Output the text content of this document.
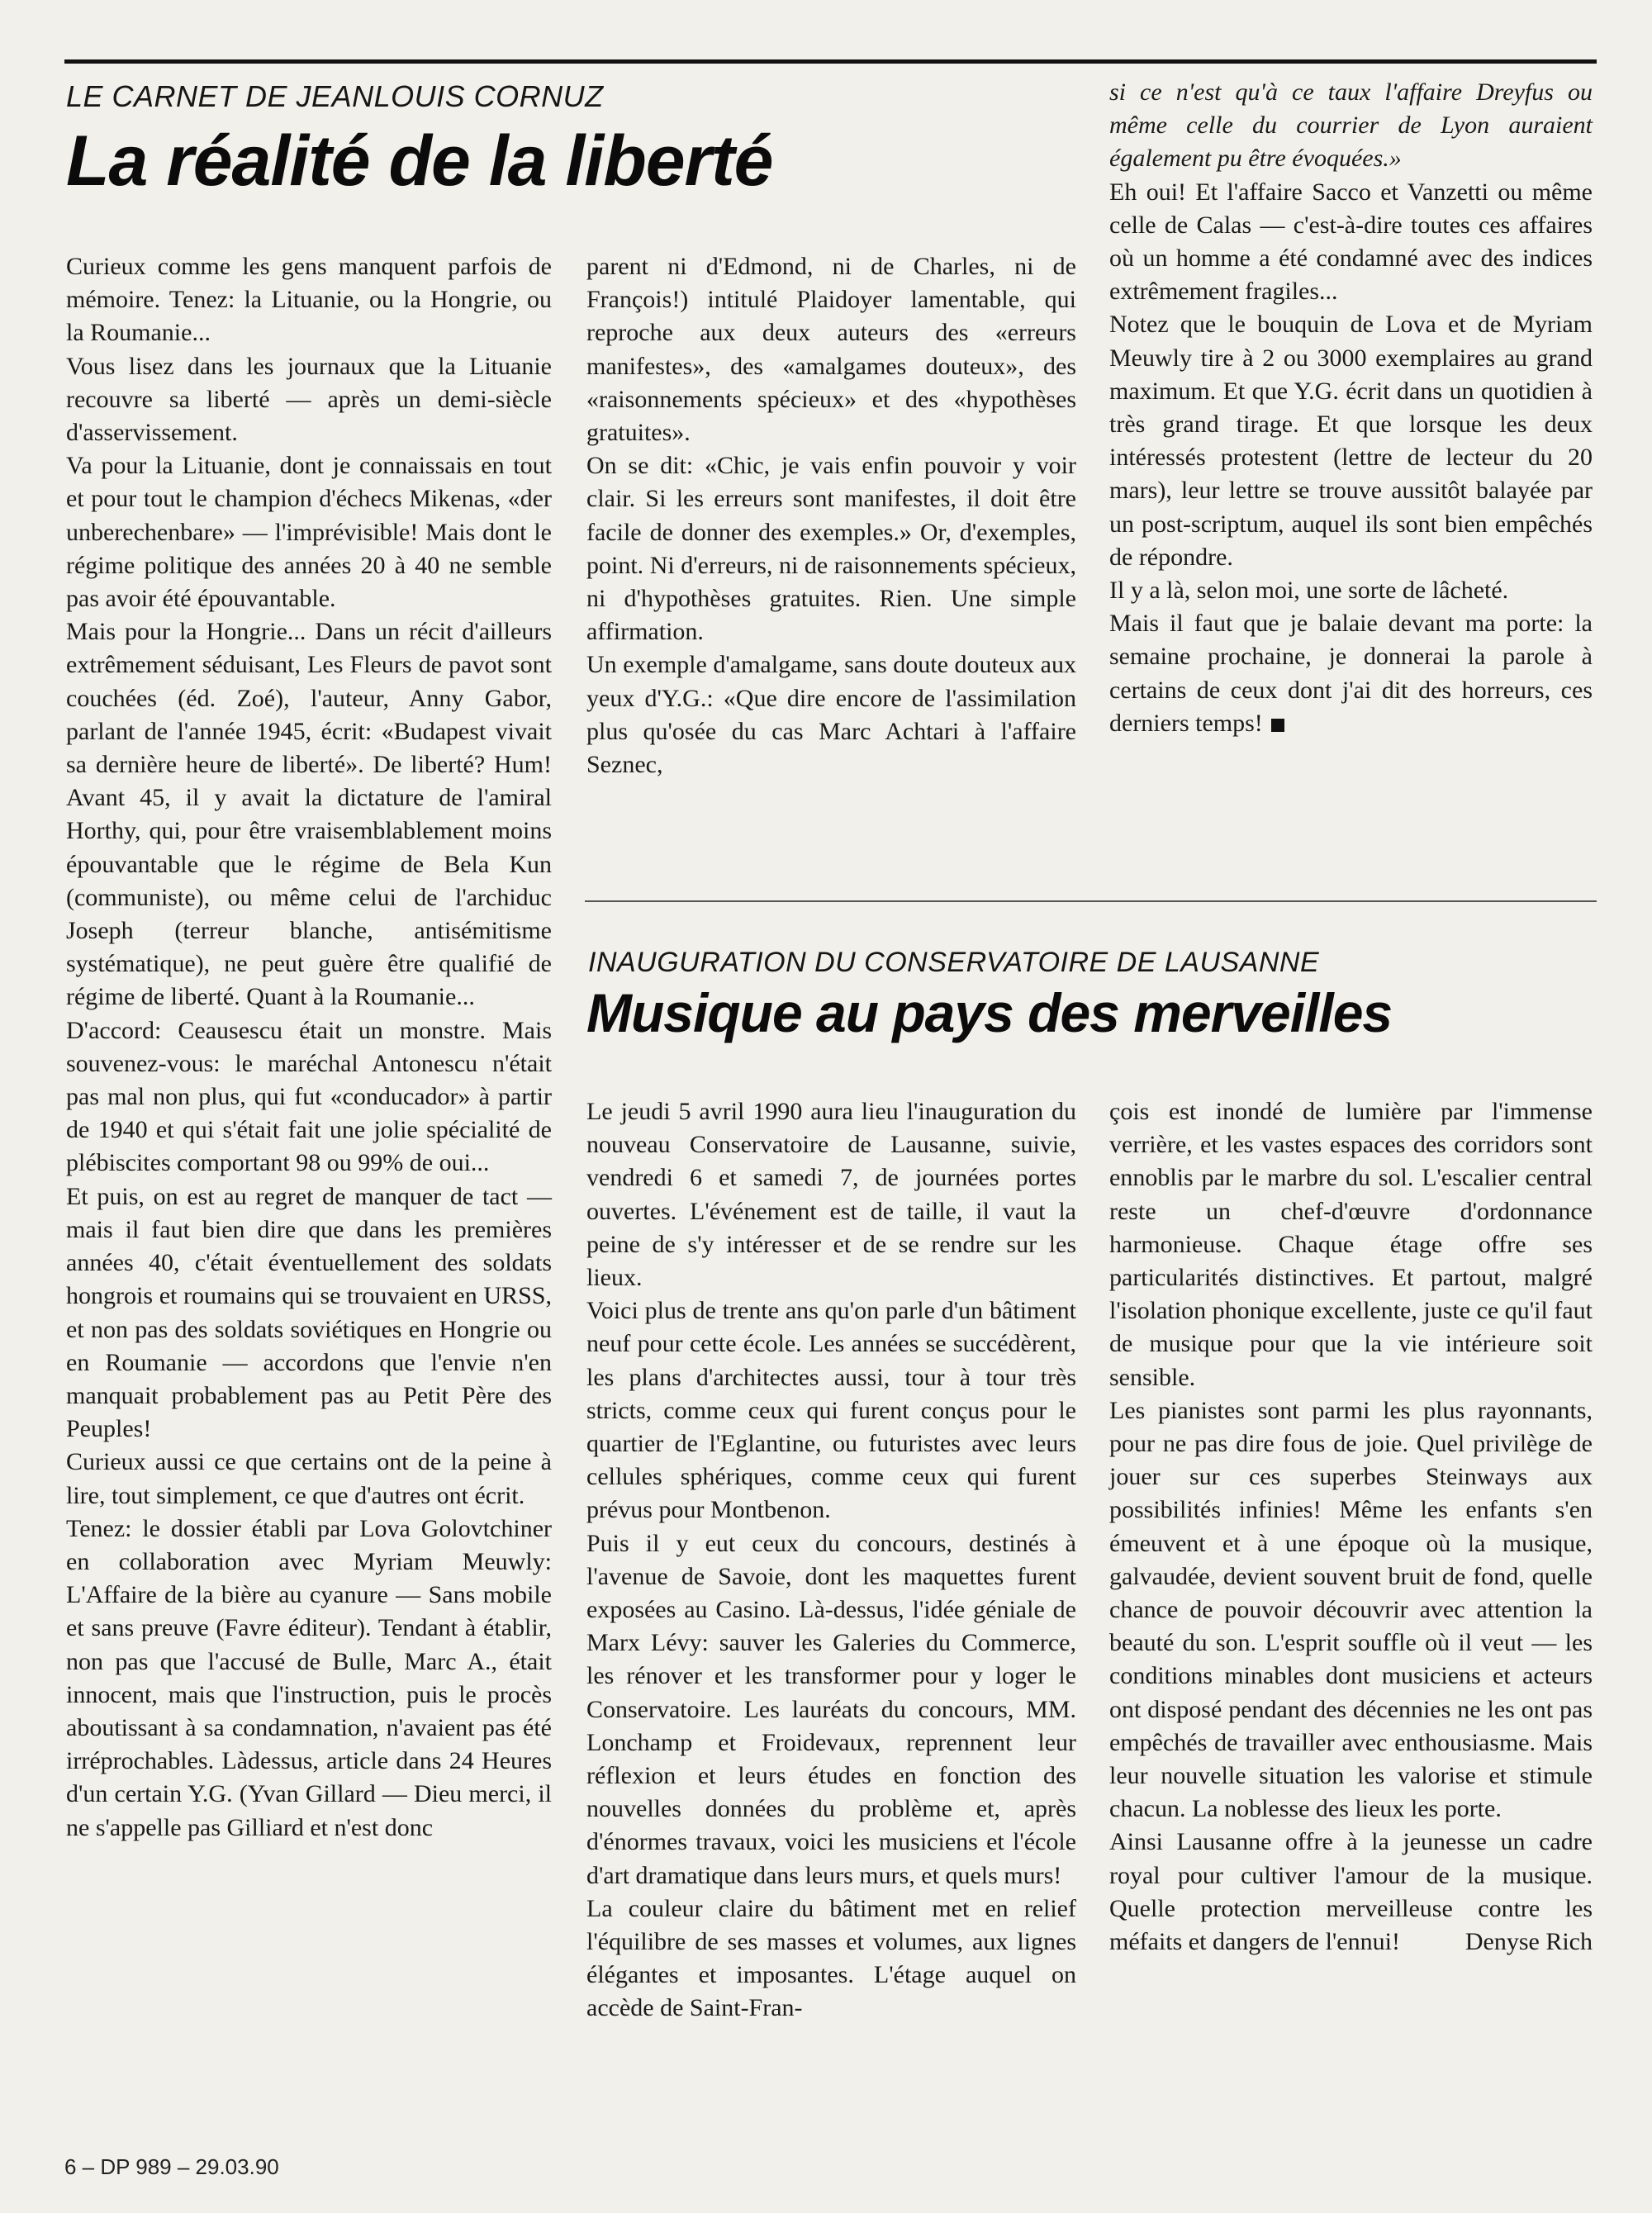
LE CARNET DE JEANLOUIS CORNUZ
La réalité de la liberté

Curieux comme les gens manquent parfois de mémoire. Tenez: la Lituanie, ou la Hongrie, ou la Roumanie...

Vous lisez dans les journaux que la Lituanie recouvre sa liberté — après un demi-siècle d'asservissement.

Va pour la Lituanie, dont je connaissais en tout et pour tout le champion d'échecs Mikenas, «der unberechenbare» — l'imprévisible! Mais dont le régime politique des années 20 à 40 ne semble pas avoir été épouvantable.

Mais pour la Hongrie... Dans un récit d'ailleurs extrêmement séduisant, Les Fleurs de pavot sont couchées (éd. Zoé), l'auteur, Anny Gabor, parlant de l'année 1945, écrit: «Budapest vivait sa dernière heure de liberté». De liberté? Hum! Avant 45, il y avait la dictature de l'amiral Horthy, qui, pour être vraisemblablement moins épouvantable que le régime de Bela Kun (communiste), ou même celui de l'archiduc Joseph (terreur blanche, antisémitisme systématique), ne peut guère être qualifié de régime de liberté. Quant à la Roumanie...

D'accord: Ceausescu était un monstre. Mais souvenez-vous: le maréchal Antonescu n'était pas mal non plus, qui fut «conducador» à partir de 1940 et qui s'était fait une jolie spécialité de plébiscites comportant 98 ou 99% de oui...

Et puis, on est au regret de manquer de tact — mais il faut bien dire que dans les premières années 40, c'était éventuellement des soldats hongrois et roumains qui se trouvaient en URSS, et non pas des soldats soviétiques en Hongrie ou en Roumanie — accordons que l'envie n'en manquait probablement pas au Petit Père des Peuples!

Curieux aussi ce que certains ont de la peine à lire, tout simplement, ce que d'autres ont écrit.

Tenez: le dossier établi par Lova Golovtchiner en collaboration avec Myriam Meuwly: L'Affaire de la bière au cyanure — Sans mobile et sans preuve (Favre éditeur). Tendant à établir, non pas que l'accusé de Bulle, Marc A., était innocent, mais que l'instruction, puis le procès aboutissant à sa condamnation, n'avaient pas été irréprochables. Làdessus, article dans 24 Heures d'un certain Y.G. (Yvan Gillard — Dieu merci, il ne s'appelle pas Gilliard et n'est donc

parent ni d'Edmond, ni de Charles, ni de François!) intitulé Plaidoyer lamentable, qui reproche aux deux auteurs des «erreurs manifestes», des «amalgames douteux», des «raisonnements spécieux» et des «hypothèses gratuites».

On se dit: «Chic, je vais enfin pouvoir y voir clair. Si les erreurs sont manifestes, il doit être facile de donner des exemples.» Or, d'exemples, point. Ni d'erreurs, ni de raisonnements spécieux, ni d'hypothèses gratuites. Rien. Une simple affirmation.

Un exemple d'amalgame, sans doute douteux aux yeux d'Y.G.: «Que dire encore de l'assimilation plus qu'osée du cas Marc Achtari à l'affaire Seznec,

si ce n'est qu'à ce taux l'affaire Dreyfus ou même celle du courrier de Lyon auraient également pu être évoquées.»

Eh oui! Et l'affaire Sacco et Vanzetti ou même celle de Calas — c'est-à-dire toutes ces affaires où un homme a été condamné avec des indices extrêmement fragiles...

Notez que le bouquin de Lova et de Myriam Meuwly tire à 2 ou 3000 exemplaires au grand maximum. Et que Y.G. écrit dans un quotidien à très grand tirage. Et que lorsque les deux intéressés protestent (lettre de lecteur du 20 mars), leur lettre se trouve aussitôt balayée par un post-scriptum, auquel ils sont bien empêchés de répondre.

Il y a là, selon moi, une sorte de lâcheté.

Mais il faut que je balaie devant ma porte: la semaine prochaine, je donnerai la parole à certains de ceux dont j'ai dit des horreurs, ces derniers temps!

INAUGURATION DU CONSERVATOIRE DE LAUSANNE
Musique au pays des merveilles

Le jeudi 5 avril 1990 aura lieu l'inauguration du nouveau Conservatoire de Lausanne, suivie, vendredi 6 et samedi 7, de journées portes ouvertes. L'événement est de taille, il vaut la peine de s'y intéresser et de se rendre sur les lieux.

Voici plus de trente ans qu'on parle d'un bâtiment neuf pour cette école. Les années se succédèrent, les plans d'architectes aussi, tour à tour très stricts, comme ceux qui furent conçus pour le quartier de l'Eglantine, ou futuristes avec leurs cellules sphériques, comme ceux qui furent prévus pour Montbenon.

Puis il y eut ceux du concours, destinés à l'avenue de Savoie, dont les maquettes furent exposées au Casino. Là-dessus, l'idée géniale de Marx Lévy: sauver les Galeries du Commerce, les rénover et les transformer pour y loger le Conservatoire. Les lauréats du concours, MM. Lonchamp et Froidevaux, reprennent leur réflexion et leurs études en fonction des nouvelles données du problème et, après d'énormes travaux, voici les musiciens et l'école d'art dramatique dans leurs murs, et quels murs!

La couleur claire du bâtiment met en relief l'équilibre de ses masses et volumes, aux lignes élégantes et imposantes. L'étage auquel on accède de Saint-Fran-

çois est inondé de lumière par l'immense verrière, et les vastes espaces des corridors sont ennoblis par le marbre du sol. L'escalier central reste un chef-d'œuvre d'ordonnance harmonieuse. Chaque étage offre ses particularités distinctives. Et partout, malgré l'isolation phonique excellente, juste ce qu'il faut de musique pour que la vie intérieure soit sensible.

Les pianistes sont parmi les plus rayonnants, pour ne pas dire fous de joie. Quel privilège de jouer sur ces superbes Steinways aux possibilités infinies! Même les enfants s'en émeuvent et à une époque où la musique, galvaudée, devient souvent bruit de fond, quelle chance de pouvoir découvrir avec attention la beauté du son. L'esprit souffle où il veut — les conditions minables dont musiciens et acteurs ont disposé pendant des décennies ne les ont pas empêchés de travailler avec enthousiasme. Mais leur nouvelle situation les valorise et stimule chacun. La noblesse des lieux les porte.

Ainsi Lausanne offre à la jeunesse un cadre royal pour cultiver l'amour de la musique. Quelle protection merveilleuse contre les méfaits et dangers de l'ennui!	Denyse Rich

6 – DP 989 – 29.03.90
